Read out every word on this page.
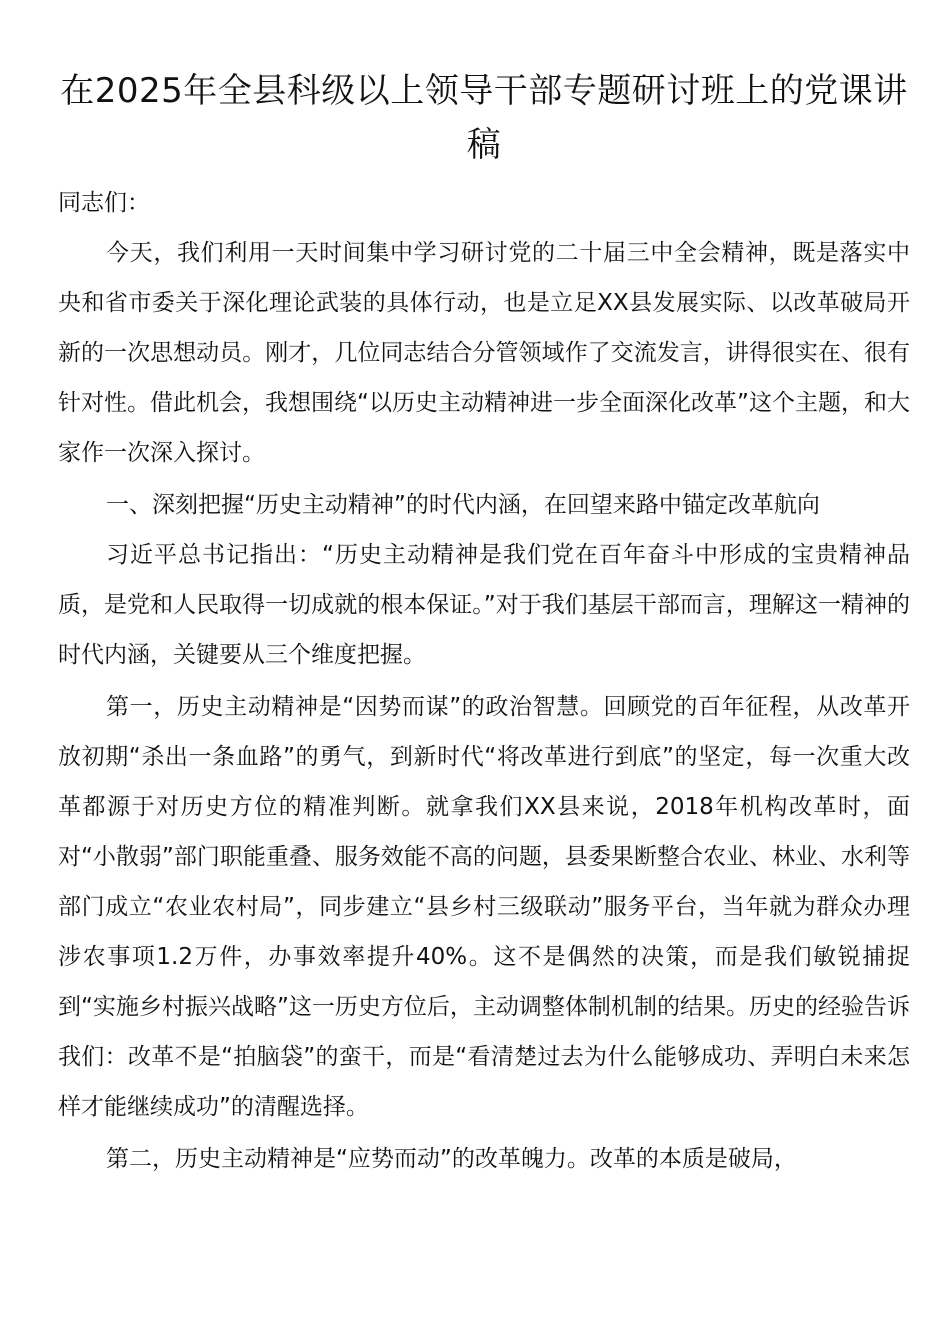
在2025年全县科级以上领导干部专题研讨班上的党课讲稿

同志们：

今天，我们利用一天时间集中学习研讨党的二十届三中全会精神，既是落实中央和省市委关于深化理论武装的具体行动，也是立足XX县发展实际、以改革破局开新的一次思想动员。刚才，几位同志结合分管领域作了交流发言，讲得很实在、很有针对性。借此机会，我想围绕“以历史主动精神进一步全面深化改革”这个主题，和大家作一次深入探讨。

一、深刻把握“历史主动精神”的时代内涵，在回望来路中锚定改革航向

习近平总书记指出：“历史主动精神是我们党在百年奋斗中形成的宝贵精神品质，是党和人民取得一切成就的根本保证。”对于我们基层干部而言，理解这一精神的时代内涵，关键要从三个维度把握。

第一，历史主动精神是“因势而谋”的政治智慧。回顾党的百年征程，从改革开放初期“杀出一条血路”的勇气，到新时代“将改革进行到底”的坚定，每一次重大改革都源于对历史方位的精准判断。就拿我们XX县来说，2018年机构改革时，面对“小散弱”部门职能重叠、服务效能不高的问题，县委果断整合农业、林业、水利等部门成立“农业农村局”，同步建立“县乡村三级联动”服务平台，当年就为群众办理涉农事项1.2万件，办事效率提升40%。这不是偶然的决策，而是我们敏锐捕捉到“实施乡村振兴战略”这一历史方位后，主动调整体制机制的结果。历史的经验告诉我们：改革不是“拍脑袋”的蛮干，而是“看清楚过去为什么能够成功、弄明白未来怎样才能继续成功”的清醒选择。

第二，历史主动精神是“应势而动”的改革魄力。改革的本质是破局，
